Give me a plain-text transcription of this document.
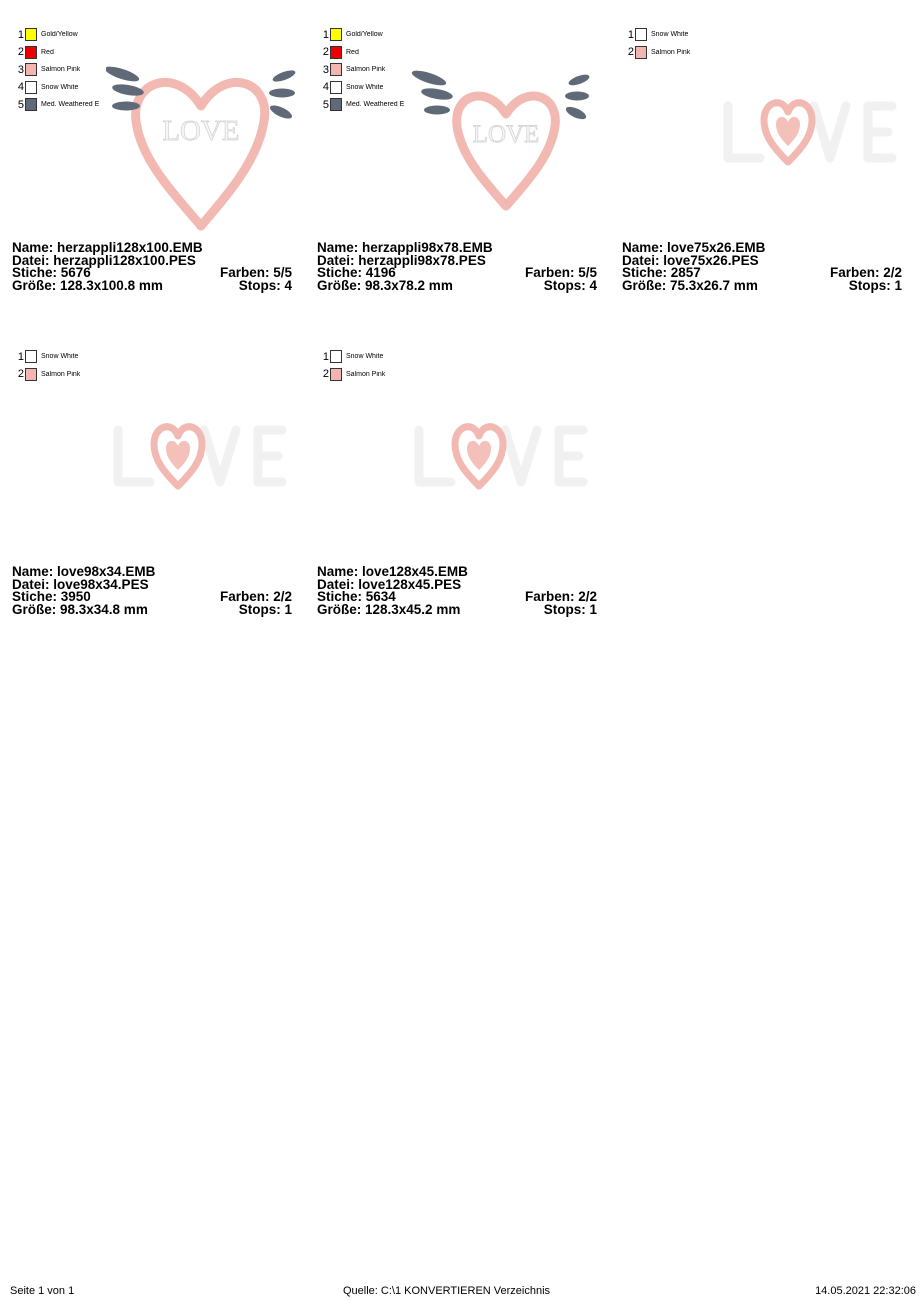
1 Gold/Yellow
2 Red
3 Salmon Pink
4 Snow White
5 Med. Weathered E
LOVE
Name: herzappli128x100.EMB
Datei: herzappli128x100.PES
Stiche: 5676	Farben: 5/5
Größe: 128.3x100.8 mm	Stops: 4
1 Gold/Yellow
2 Red
3 Salmon Pink
4 Snow White
5 Med. Weathered E
LOVE
Name: herzappli98x78.EMB
Datei: herzappli98x78.PES
Stiche: 4196	Farben: 5/5
Größe: 98.3x78.2 mm	Stops: 4
1 Snow White
2 Salmon Pink
Name: love75x26.EMB
Datei: love75x26.PES
Stiche: 2857	Farben: 2/2
Größe: 75.3x26.7 mm	Stops: 1
1 Snow White
2 Salmon Pink
Name: love98x34.EMB
Datei: love98x34.PES
Stiche: 3950	Farben: 2/2
Größe: 98.3x34.8 mm	Stops: 1
1 Snow White
2 Salmon Pink
Name: love128x45.EMB
Datei: love128x45.PES
Stiche: 5634	Farben: 2/2
Größe: 128.3x45.2 mm	Stops: 1
Seite 1 von 1	Quelle: C:\1 KONVERTIEREN Verzeichnis	14.05.2021 22:32:06
